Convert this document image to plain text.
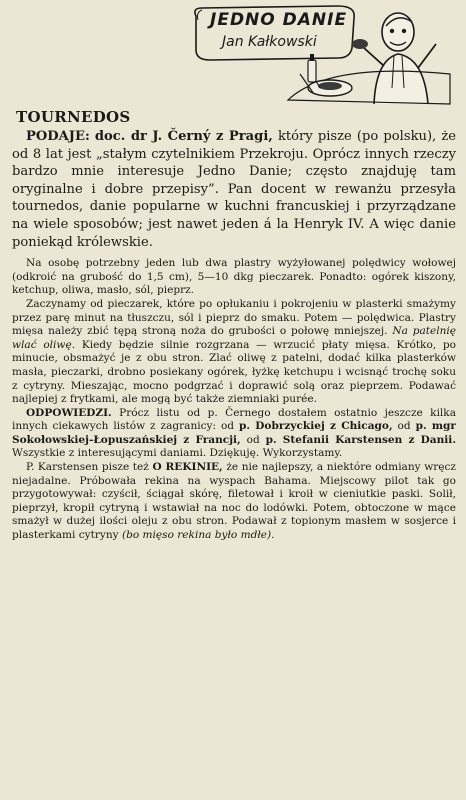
JEDNO DANIE
Jan Kałkowski
TOURNEDOS

PODAJE: doc. dr J. Černý z Pragi, który pisze (po polsku), że od 8 lat jest „stałym czytelnikiem Przekroju. Oprócz innych rzeczy bardzo mnie interesuje Jedno Danie; często znajduję tam oryginalne i dobre przepisy”. Pan docent w rewanżu przesyła tournedos, danie popularne w kuchni francuskiej i przyrządzane na wiele sposobów; jest nawet jeden á la Henryk IV. A więc danie poniekąd królewskie.

Na osobę potrzebny jeden lub dwa plastry wyżyłowanej polędwicy wołowej (odkroić na grubość do 1,5 cm), 5—10 dkg pieczarek. Ponadto: ogórek kiszony, ketchup, oliwa, masło, sól, pieprz.

Zaczynamy od pieczarek, które po opłukaniu i pokrojeniu w plasterki smażymy przez parę minut na tłuszczu, sól i pieprz do smaku. Potem — polędwica. Plastry mięsa należy zbić tępą stroną noża do grubości o połowę mniejszej. Na patelnię wlać oliwę. Kiedy będzie silnie rozgrzana — wrzucić płaty mięsa. Krótko, po minucie, obsmażyć je z obu stron. Zlać oliwę z patelni, dodać kilka plasterków masła, pieczarki, drobno posiekany ogórek, łyżkę ketchupu i wcisnąć trochę soku z cytryny. Mieszając, mocno podgrzać i doprawić solą oraz pieprzem. Podawać najlepiej z frytkami, ale mogą być także ziemniaki purée.

ODPOWIEDZI. Prócz listu od p. Černego dostałem ostatnio jeszcze kilka innych ciekawych listów z zagranicy: od p. Dobrzyckiej z Chicago, od p. mgr Sokołowskiej-Łopuszańskiej z Francji, od p. Stefanii Karstensen z Danii. Wszystkie z interesującymi daniami. Dziękuję. Wykorzystamy.

P. Karstensen pisze też O REKINIE, że nie najlepszy, a niektóre odmiany wręcz niejadalne. Próbowała rekina na wyspach Bahama. Miejscowy pilot tak go przygotowywał: czyścił, ściągał skórę, filetował i kroił w cieniutkie paski. Solił, pieprzył, kropił cytryną i wstawiał na noc do lodówki. Potem, obtoczone w mące smażył w dużej ilości oleju z obu stron. Podawał z topionym masłem w sosjerce i plasterkami cytryny (bo mięso rekina było mdłe).
